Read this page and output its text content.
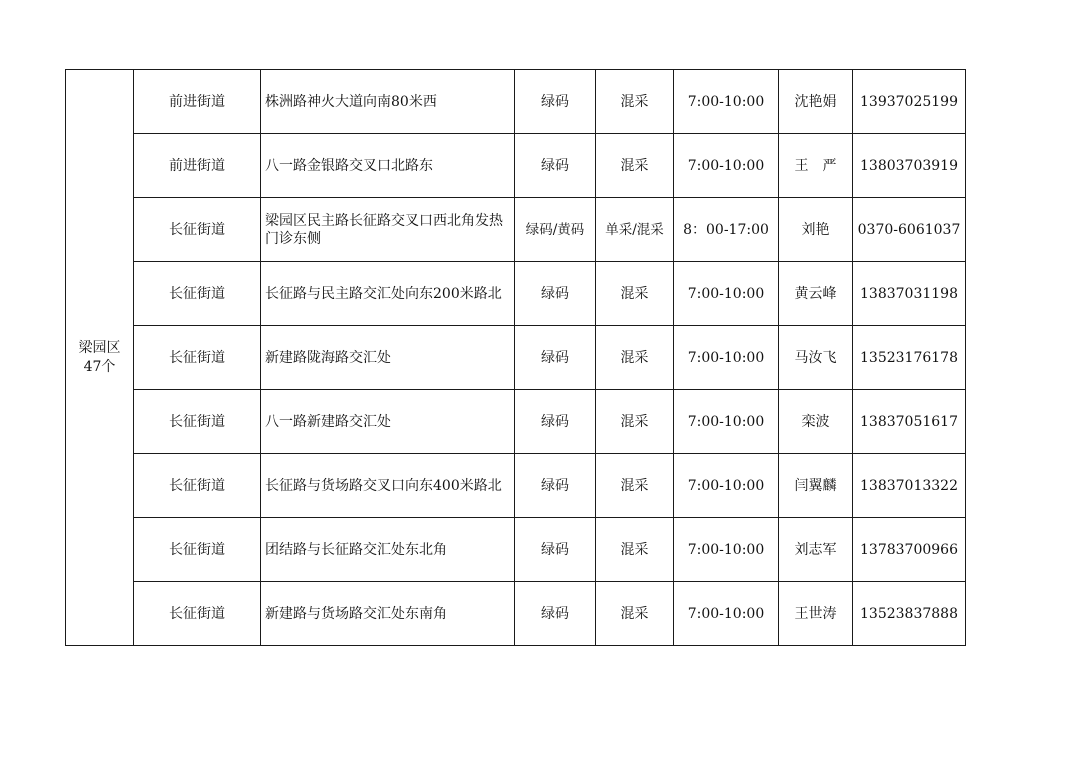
梁园区
47个	前进街道	株洲路神火大道向南80米西	绿码	混采	7:00-10:00	沈艳娟	13937025199
	前进街道	八一路金银路交叉口北路东	绿码	混采	7:00-10:00	王　严	13803703919
	长征街道	梁园区民主路长征路交叉口西北角发热门诊东侧	绿码/黄码	单采/混采	8：00-17:00	刘艳	0370-6061037
	长征街道	长征路与民主路交汇处向东200米路北	绿码	混采	7:00-10:00	黄云峰	13837031198
	长征街道	新建路陇海路交汇处	绿码	混采	7:00-10:00	马汝飞	13523176178
	长征街道	八一路新建路交汇处	绿码	混采	7:00-10:00	栾波	13837051617
	长征街道	长征路与货场路交叉口向东400米路北	绿码	混采	7:00-10:00	闫翼麟	13837013322
	长征街道	团结路与长征路交汇处东北角	绿码	混采	7:00-10:00	刘志军	13783700966
	长征街道	新建路与货场路交汇处东南角	绿码	混采	7:00-10:00	王世涛	13523837888
